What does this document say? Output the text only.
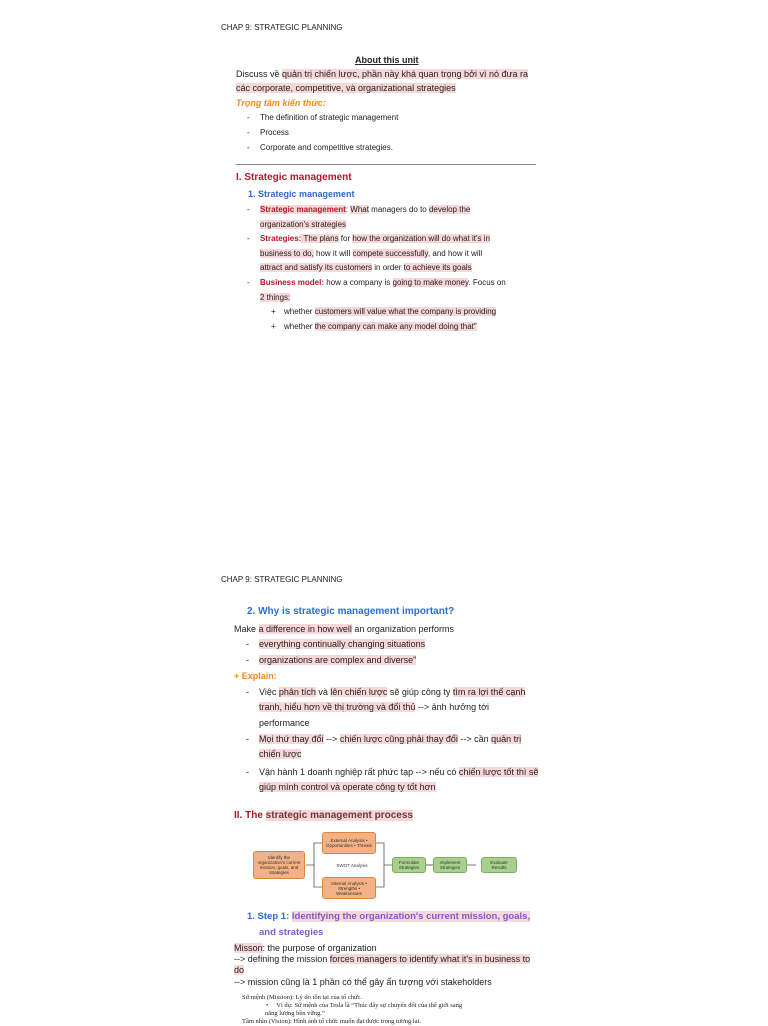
CHAP 9: STRATEGIC PLANNING
About this unit
Discuss về quản trị chiến lược, phần này khá quan trọng bởi vì nó đưa ra
các corporate, competitive, và organizational strategies
Trọng tâm kiến thức:
- The definition of strategic management
- Process
- Corporate and competitive strategies.
I. Strategic management
1. Strategic management
- Strategic management: What managers do to develop the
organization's strategies
- Strategies: The plans for how the organization will do what it's in
business to do, how it will compete successfully, and how it will
attract and satisfy its customers in order to achieve its goals
- Business model: how a company is going to make money. Focus on
2 things:
+ whether customers will value what the company is providing
+ whether the company can make any model doing that"
CHAP 9: STRATEGIC PLANNING
2. Why is strategic management important?
Make a difference in how well an organization performs
- everything continually changing situations
- organizations are complex and diverse"
+ Explain:
- Việc phân tích và lên chiến lược sẽ giúp công ty tìm ra lợi thế cạnh
tranh, hiểu hơn về thị trường và đối thủ --> ảnh hưởng tới
performance
- Mọi thứ thay đổi --> chiến lược cũng phải thay đổi --> cần quản trị
chiến lược
- Vận hành 1 doanh nghiệp rất phức tạp --> nếu có chiến lược tốt thì sẽ
giúp mình control và operate công ty tốt hơn
II. The strategic management process
Identify the organization's current mission, goals, and strategies
External Analysis • Opportunities • Threats
SWOT Analysis
Internal Analysis • Strengths • Weaknesses
Formulate Strategies
Implement Strategies
Evaluate Results
1. Step 1: Identifying the organization's current mission, goals,
and strategies
Misson: the purpose of organization
--> defining the mission forces managers to identify what it's in business to
do
--> mission cũng là 1 phần có thể gây ấn tượng với stakeholders
Sứ mệnh (Mission): Lý do tồn tại của tổ chức.
• Ví dụ: Sứ mệnh của Tesla là “Thúc đẩy sự chuyển đổi của thế giới sang
năng lượng bền vững.”
Tầm nhìn (Vision): Hình ảnh tổ chức muốn đạt được trong tương lai.
